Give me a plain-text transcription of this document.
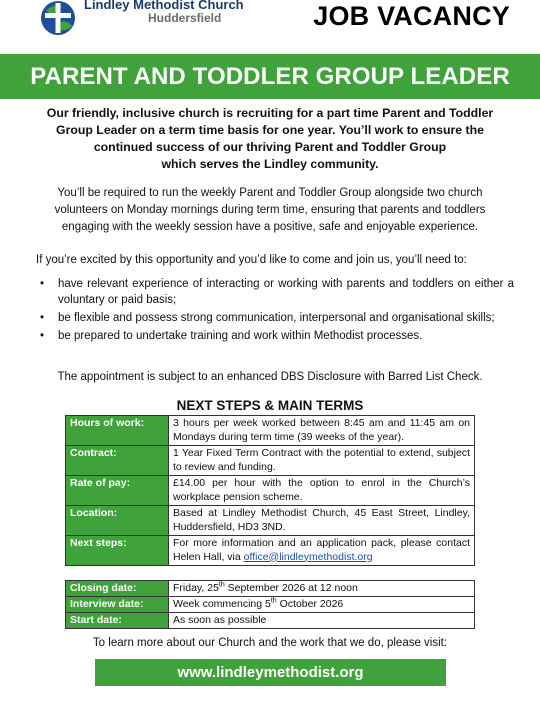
Lindley Methodist Church
Huddersfield	JOB VACANCY
PARENT AND TODDLER GROUP LEADER
Our friendly, inclusive church is recruiting for a part time Parent and Toddler
Group Leader on a term time basis for one year. You’ll work to ensure the
continued success of our thriving Parent and Toddler Group
which serves the Lindley community.
You’ll be required to run the weekly Parent and Toddler Group alongside two church
volunteers on Monday mornings during term time, ensuring that parents and toddlers
engaging with the weekly session have a positive, safe and enjoyable experience.
If you’re excited by this opportunity and you’d like to come and join us, you’ll need to:
• have relevant experience of interacting or working with parents and toddlers on either a voluntary or paid basis;
• be flexible and possess strong communication, interpersonal and organisational skills;
• be prepared to undertake training and work within Methodist processes.
The appointment is subject to an enhanced DBS Disclosure with Barred List Check.
NEXT STEPS & MAIN TERMS
Hours of work:	3 hours per week worked between 8:45 am and 11:45 am on Mondays during term time (39 weeks of the year).
Contract:	1 Year Fixed Term Contract with the potential to extend, subject to review and funding.
Rate of pay:	£14.00 per hour with the option to enrol in the Church’s workplace pension scheme.
Location:	Based at Lindley Methodist Church, 45 East Street, Lindley, Huddersfield, HD3 3ND.
Next steps:	For more information and an application pack, please contact Helen Hall, via office@lindleymethodist.org
Closing date:	Friday, 25th September 2026 at 12 noon
Interview date:	Week commencing 5th October 2026
Start date:	As soon as possible
To learn more about our Church and the work that we do, please visit:
www.lindleymethodist.org
